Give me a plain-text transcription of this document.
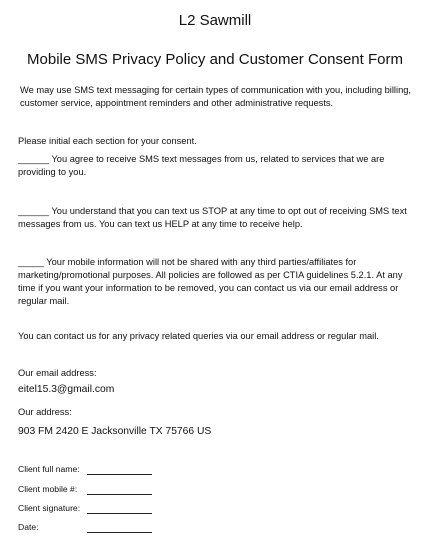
L2 Sawmill
Mobile SMS Privacy Policy and Customer Consent Form
We may use SMS text messaging for certain types of communication with you, including billing, customer service, appointment reminders and other administrative requests.
Please initial each section for your consent.
______ You agree to receive SMS text messages from us, related to services that we are providing to you.
______ You understand that you can text us STOP at any time to opt out of receiving SMS text messages from us. You can text us HELP at any time to receive help.
_____ Your mobile information will not be shared with any third parties/affiliates for marketing/promotional purposes. All policies are followed as per CTIA guidelines 5.2.1. At any time if you want your information to be removed, you can contact us via our email address or regular mail.
You can contact us for any privacy related queries via our email address or regular mail.
Our email address:
eitel15.3@gmail.com
Our address:
903 FM 2420 E Jacksonville TX 75766 US
Client full name:
Client mobile #:
Client signature:
Date:
